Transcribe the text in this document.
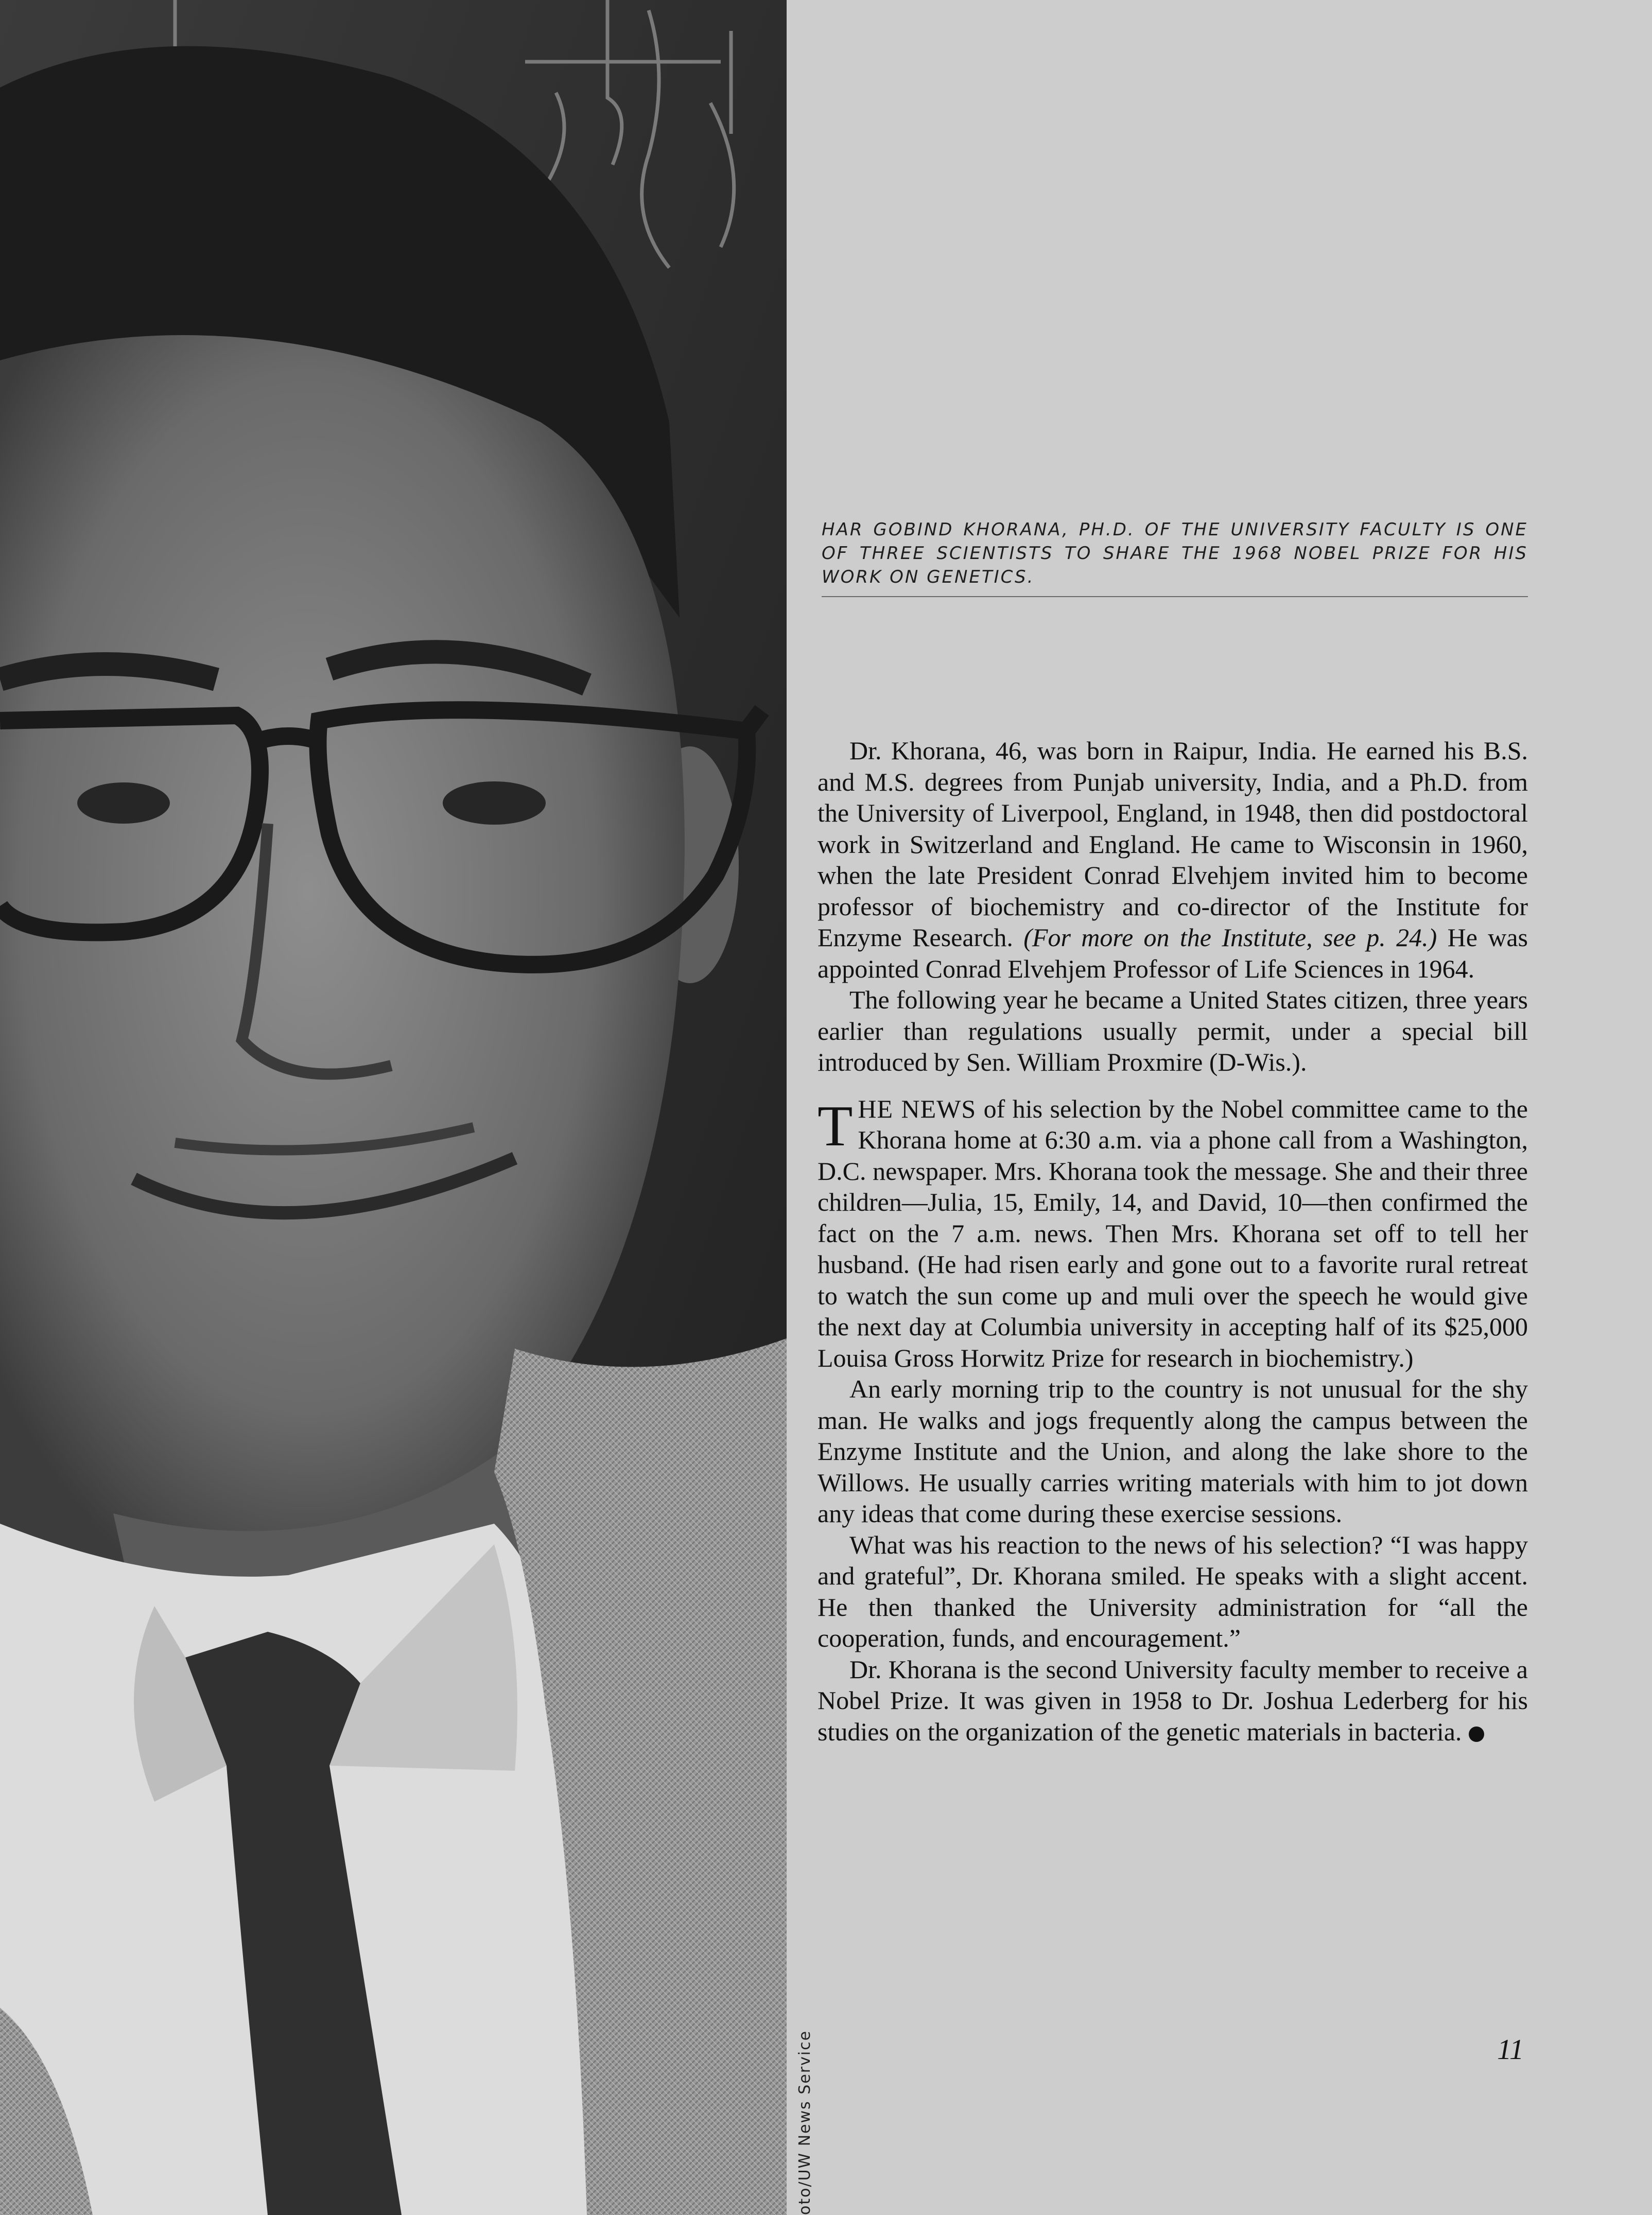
oto/UW News Service
HAR GOBIND KHORANA, PH.D. OF THE UNIVERSITY FACULTY IS ONE OF THREE SCIENTISTS TO SHARE THE 1968 NOBEL PRIZE FOR HIS WORK ON GENETICS.

Dr. Khorana, 46, was born in Raipur, India. He earned his B.S. and M.S. degrees from Punjab university, India, and a Ph.D. from the University of Liverpool, England, in 1948, then did postdoctoral work in Switzerland and England. He came to Wisconsin in 1960, when the late President Conrad Elvehjem invited him to become professor of biochemistry and co-director of the Institute for Enzyme Research. (For more on the Institute, see p. 24.) He was appointed Conrad Elvehjem Professor of Life Sciences in 1964.

The following year he became a United States citizen, three years earlier than regulations usually permit, under a special bill introduced by Sen. William Proxmire (D-Wis.).

THE NEWS of his selection by the Nobel committee came to the Khorana home at 6:30 a.m. via a phone call from a Washington, D.C. newspaper. Mrs. Khorana took the message. She and their three children—Julia, 15, Emily, 14, and David, 10—then confirmed the fact on the 7 a.m. news. Then Mrs. Khorana set off to tell her husband. (He had risen early and gone out to a favorite rural retreat to watch the sun come up and muli over the speech he would give the next day at Columbia university in accepting half of its $25,000 Louisa Gross Horwitz Prize for research in biochemistry.)

An early morning trip to the country is not unusual for the shy man. He walks and jogs frequently along the campus between the Enzyme Institute and the Union, and along the lake shore to the Willows. He usually carries writing materials with him to jot down any ideas that come during these exercise sessions.

What was his reaction to the news of his selection? “I was happy and grateful”, Dr. Khorana smiled. He speaks with a slight accent. He then thanked the University administration for “all the cooperation, funds, and encouragement.”

Dr. Khorana is the second University faculty member to receive a Nobel Prize. It was given in 1958 to Dr. Joshua Lederberg for his studies on the organization of the genetic materials in bacteria.

11
